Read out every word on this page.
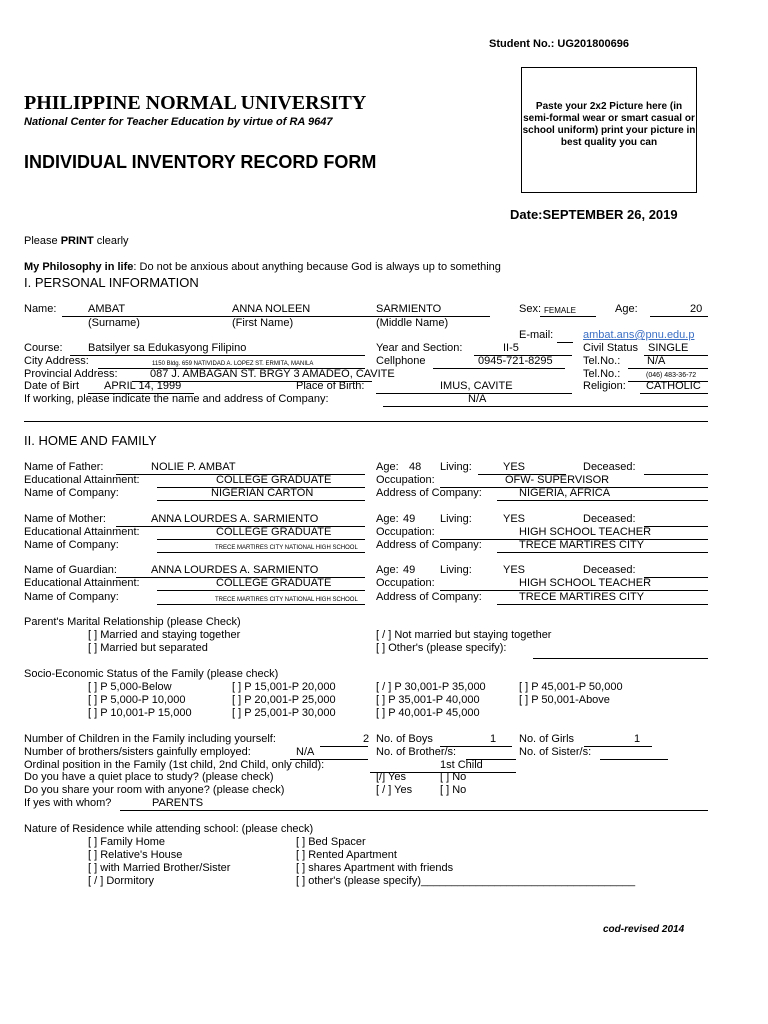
Student No.: UG201800696
PHILIPPINE NORMAL UNIVERSITY
National Center for Teacher Education by virtue of RA 9647
INDIVIDUAL INVENTORY RECORD FORM
Paste your 2x2 Picture here (in semi-formal wear or smart casual or school uniform) print your picture in best quality you can
Date:SEPTEMBER 26, 2019
Please PRINT clearly
My Philosophy in life: Do not be anxious about anything because God is always up to something
I. PERSONAL INFORMATION
Name:	AMBAT	ANNA NOLEEN	SARMIENTO	Sex: FEMALE	Age:	20
(Surname)	(First Name)	(Middle Name)
E-mail:	ambat.ans@pnu.edu.p
Course: Batsilyer sa Edukasyong Filipino	Year and Section:	II-5	Civil Status SINGLE
City Address:	1150 Bldg. 659 NATIVIDAD A. LOPEZ ST. ERMITA, MANILA	Cellphone	0945-721-8295	Tel.No.: N/A
Provincial Address:	087 J. AMBAGAN ST. BRGY 3 AMADEO, CAVITE	Tel.No.:	(046) 483-36-72
Date of Birt APRIL 14, 1999	Place of Birth:	IMUS, CAVITE	Religion: CATHOLIC
If working, please indicate the name and address of Company:	N/A
II. HOME AND FAMILY
Name of Father:	NOLIE P. AMBAT	Age: 48 Living:	YES	Deceased:
Educational Attainment:	COLLEGE GRADUATE	Occupation:	OFW- SUPERVISOR
Name of Company:	NIGERIAN CARTON	Address of Company:	NIGERIA, AFRICA
Name of Mother:	ANNA LOURDES A. SARMIENTO	Age: 49 Living:	YES	Deceased:
Educational Attainment:	COLLEGE GRADUATE	Occupation:	HIGH SCHOOL TEACHER
Name of Company:	TRECE MARTIRES CITY NATIONAL HIGH SCHOOL Address of Company:	TRECE MARTIRES CITY
Name of Guardian:	ANNA LOURDES A. SARMIENTO	Age: 49 Living:	YES	Deceased:
Educational Attainment:	COLLEGE GRADUATE	Occupation:	HIGH SCHOOL TEACHER
Name of Company:	TRECE MARTIRES CITY NATIONAL HIGH SCHOOL Address of Company:	TRECE MARTIRES CITY
Parent's Marital Relationship (please Check)
[ ] Married and staying together	[ / ] Not married but staying together
[ ] Married but separated	[ ] Other's (please specify):
Socio-Economic Status of the Family (please check)
[ ] P 5,000-Below	[ ] P 15,001-P 20,000	[ / ] P 30,001-P 35,000	[ ] P 45,001-P 50,000
[ ] P 5,000-P 10,000	[ ] P 20,001-P 25,000	[ ] P 35,001-P 40,000	[ ] P 50,001-Above
[ ] P 10,001-P 15,000	[ ] P 25,001-P 30,000	[ ] P 40,001-P 45,000
Number of Children in the Family including yourself:	2 No. of Boys	1 No. of Girls	1
Number of brothers/sisters gainfully employed:	N/A	No. of Brother/s:	No. of Sister/s:
Ordinal position in the Family (1st child, 2nd Child, only child):	1st Child
Do you have a quiet place to study? (please check)	[/] Yes	[ ] No
Do you share your room with anyone? (please check)	[ / ] Yes	[ ] No
If yes with whom?	PARENTS
Nature of Residence while attending school: (please check)
[ ] Family Home	[ ] Bed Spacer
[ ] Relative's House	[ ] Rented Apartment
[ ] with Married Brother/Sister	[ ] shares Apartment with friends
[ / ] Dormitory	[ ] other's (please specify)___________________________________
cod-revised 2014
